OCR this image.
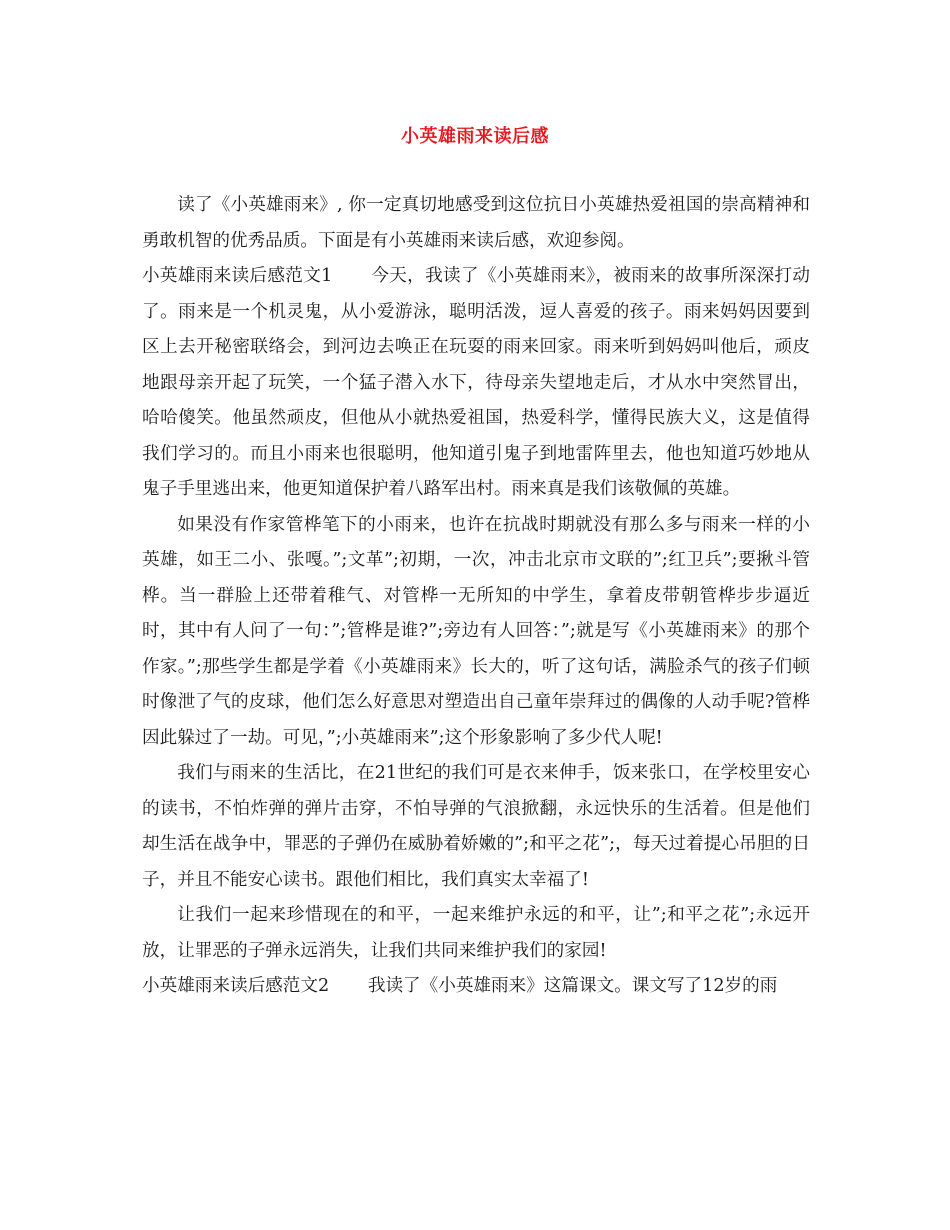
小英雄雨来读后感

读了《小英雄雨来》, 你一定真切地感受到这位抗日小英雄热爱祖国的崇高精神和勇敢机智的优秀品质。下面是有小英雄雨来读后感，欢迎参阅。

小英雄雨来读后感范文1 今天，我读了《小英雄雨来》，被雨来的故事所深深打动了。雨来是一个机灵鬼，从小爱游泳，聪明活泼，逗人喜爱的孩子。雨来妈妈因要到区上去开秘密联络会，到河边去唤正在玩耍的雨来回家。雨来听到妈妈叫他后，顽皮地跟母亲开起了玩笑，一个猛子潜入水下，待母亲失望地走后，才从水中突然冒出，哈哈傻笑。他虽然顽皮，但他从小就热爱祖国，热爱科学，懂得民族大义，这是值得我们学习的。而且小雨来也很聪明，他知道引鬼子到地雷阵里去，他也知道巧妙地从鬼子手里逃出来，他更知道保护着八路军出村。雨来真是我们该敬佩的英雄。

如果没有作家管桦笔下的小雨来，也许在抗战时期就没有那么多与雨来一样的小英雄，如王二小、张嘎。”;文革”;初期，一次，冲击北京市文联的”;红卫兵”;要揪斗管桦。当一群脸上还带着稚气、对管桦一无所知的中学生，拿着皮带朝管桦步步逼近时，其中有人问了一句：”;管桦是谁?”;旁边有人回答：”;就是写《小英雄雨来》的那个作家。”;那些学生都是学着《小英雄雨来》长大的，听了这句话，满脸杀气的孩子们顿时像泄了气的皮球，他们怎么好意思对塑造出自己童年崇拜过的偶像的人动手呢?管桦因此躲过了一劫。可见，”;小英雄雨来”;这个形象影响了多少代人呢!

我们与雨来的生活比，在21世纪的我们可是衣来伸手，饭来张口，在学校里安心的读书，不怕炸弹的弹片击穿，不怕导弹的气浪掀翻，永远快乐的生活着。但是他们却生活在战争中，罪恶的子弹仍在威胁着娇嫩的”;和平之花”;，每天过着提心吊胆的日子，并且不能安心读书。跟他们相比，我们真实太幸福了!

让我们一起来珍惜现在的和平，一起来维护永远的和平，让”;和平之花”;永远开放，让罪恶的子弹永远消失，让我们共同来维护我们的家园!

小英雄雨来读后感范文2 我读了《小英雄雨来》这篇课文。课文写了12岁的雨
